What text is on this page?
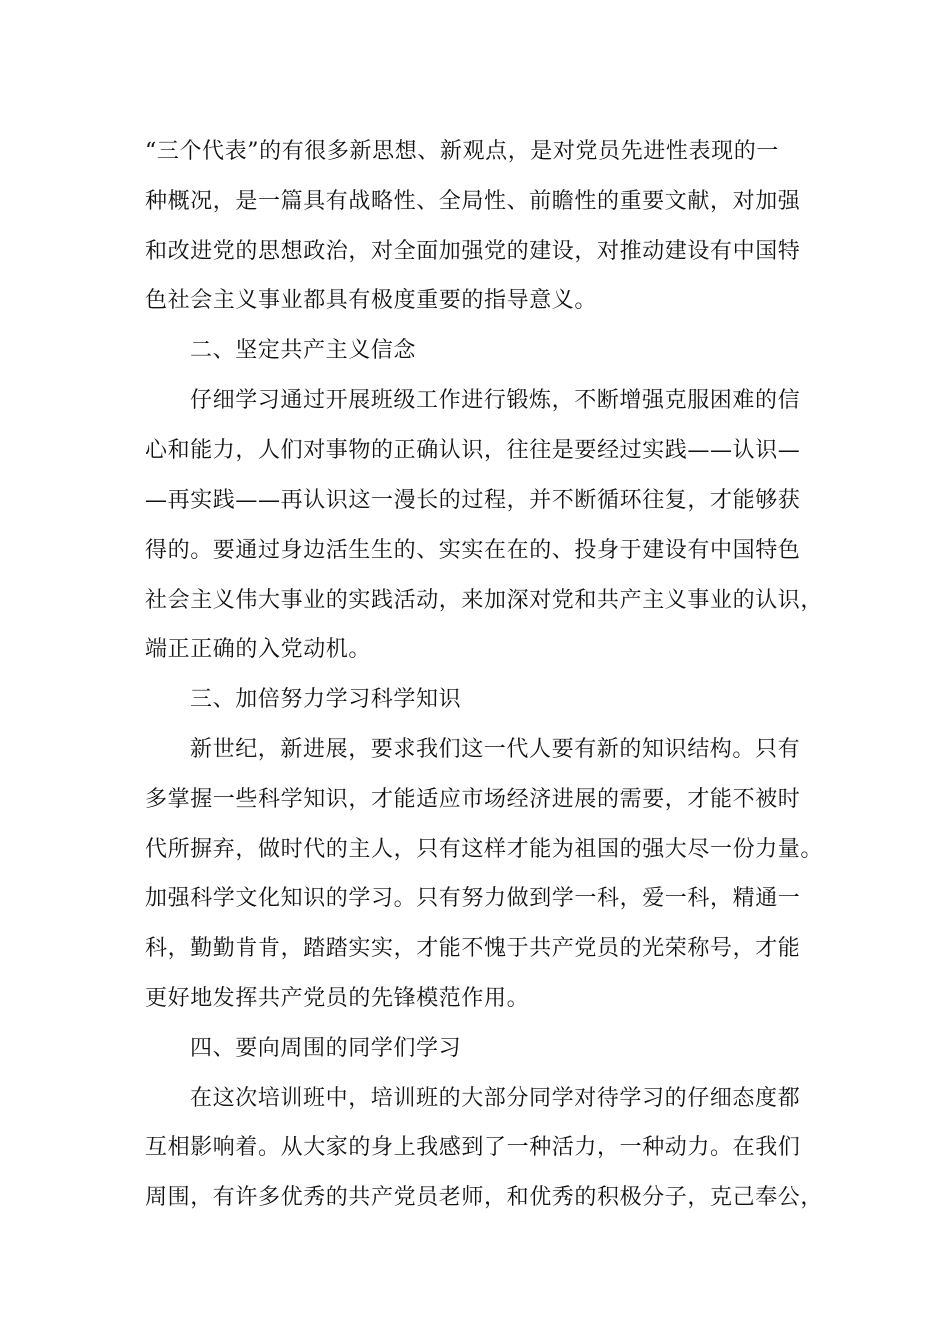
“三个代表”的有很多新思想、新观点，是对党员先进性表现的一
种概况，是一篇具有战略性、全局性、前瞻性的重要文献，对加强
和改进党的思想政治，对全面加强党的建设，对推动建设有中国特
色社会主义事业都具有极度重要的指导意义。
二、坚定共产主义信念
仔细学习通过开展班级工作进行锻炼，不断增强克服困难的信
心和能力，人们对事物的正确认识，往往是要经过实践——认识—
—再实践——再认识这一漫长的过程，并不断循环往复，才能够获
得的。要通过身边活生生的、实实在在的、投身于建设有中国特色
社会主义伟大事业的实践活动，来加深对党和共产主义事业的认识，
端正正确的入党动机。
三、加倍努力学习科学知识
新世纪，新进展，要求我们这一代人要有新的知识结构。只有
多掌握一些科学知识，才能适应市场经济进展的需要，才能不被时
代所摒弃，做时代的主人，只有这样才能为祖国的强大尽一份力量。
加强科学文化知识的学习。只有努力做到学一科，爱一科，精通一
科，勤勤肯肯，踏踏实实，才能不愧于共产党员的光荣称号，才能
更好地发挥共产党员的先锋模范作用。
四、要向周围的同学们学习
在这次培训班中，培训班的大部分同学对待学习的仔细态度都
互相影响着。从大家的身上我感到了一种活力，一种动力。在我们
周围，有许多优秀的共产党员老师，和优秀的积极分子，克己奉公，
